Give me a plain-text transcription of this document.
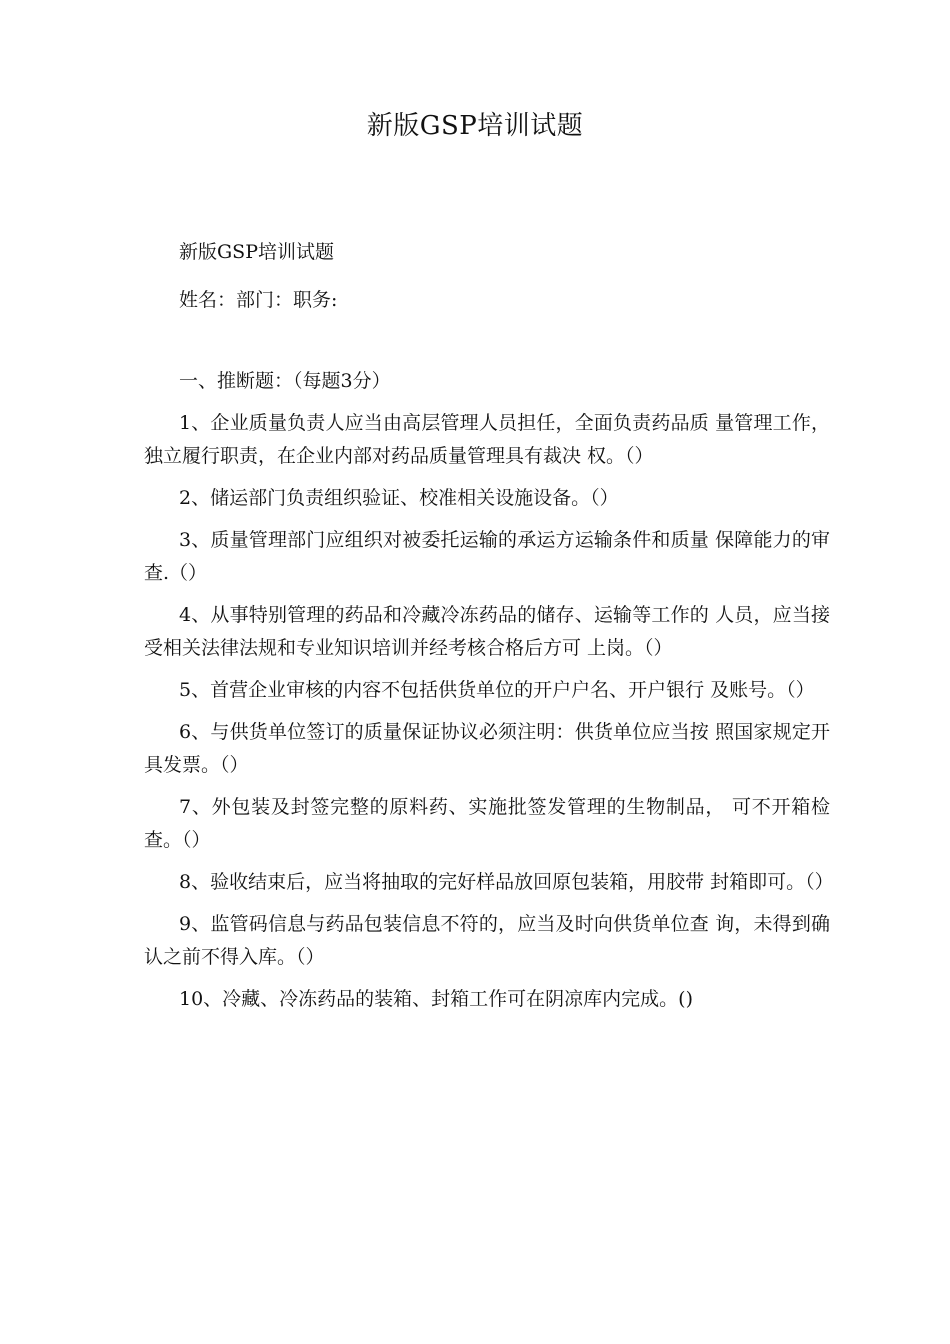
新版GSP培训试题

新版GSP培训试题

姓名：部门：职务:

一、推断题：（每题3分）

1、企业质量负责人应当由高层管理人员担任，全面负责药品质 量管理工作，独立履行职责，在企业内部对药品质量管理具有裁决 权。（）

2、储运部门负责组织验证、校准相关设施设备。（）

3、质量管理部门应组织对被委托运输的承运方运输条件和质量 保障能力的审查.（）

4、从事特别管理的药品和冷藏冷冻药品的储存、运输等工作的 人员，应当接受相关法律法规和专业知识培训并经考核合格后方可 上岗。（）

5、首营企业审核的内容不包括供货单位的开户户名、开户银行 及账号。（）

6、与供货单位签订的质量保证协议必须注明：供货单位应当按 照国家规定开具发票。（）

7、外包装及封签完整的原料药、实施批签发管理的生物制品， 可不开箱检查。（）

8、验收结束后，应当将抽取的完好样品放回原包装箱，用胶带 封箱即可。（）

9、监管码信息与药品包装信息不符的，应当及时向供货单位查 询，未得到确认之前不得入库。（）

10、冷藏、冷冻药品的装箱、封箱工作可在阴凉库内完成。()
